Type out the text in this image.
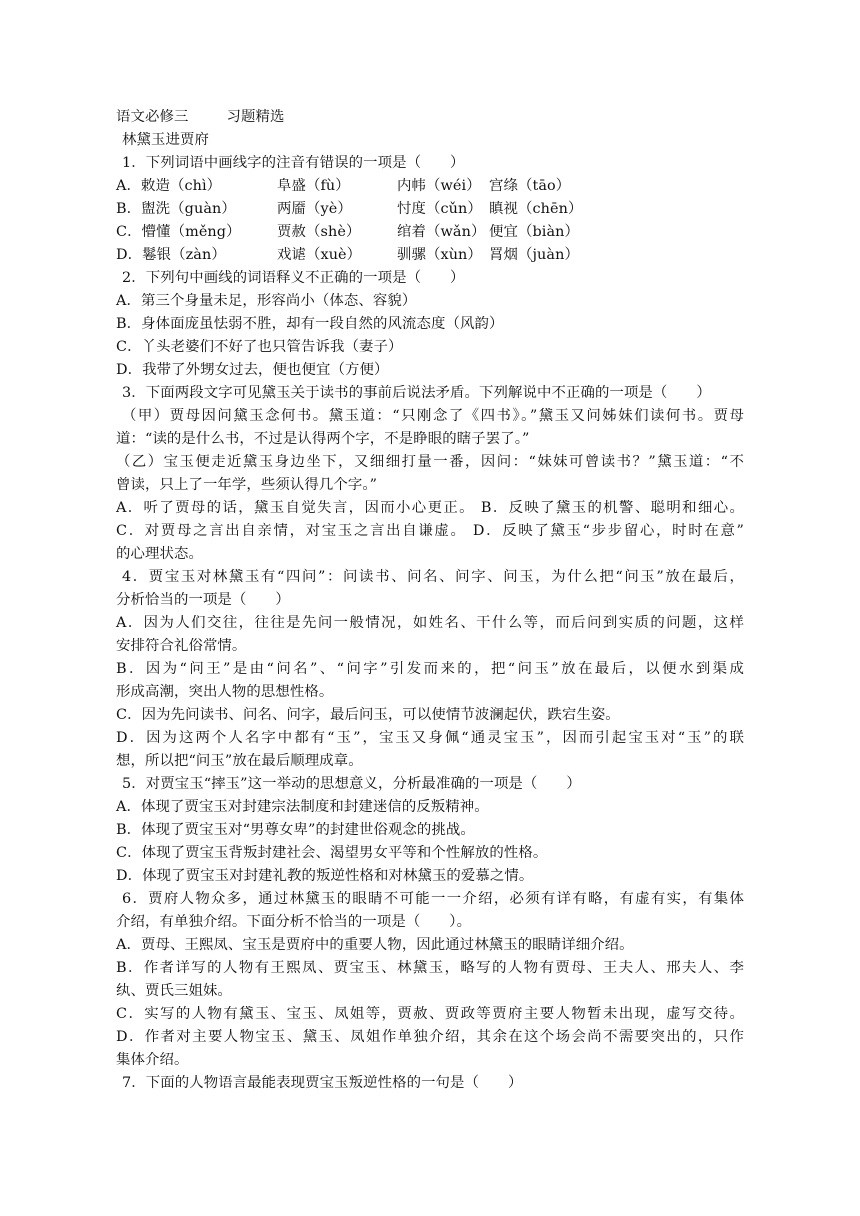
语文必修三	习题精选
林黛玉进贾府
1．下列词语中画线字的注音有错误的一项是（　　）
A．敕造（chì）	阜盛（fù）	内帏（wéi） 宫绦（tāo）
B．盥洗（guàn）	两靥（yè）	忖度（cǔn） 瞋视（chēn）
C．懵懂（měng）	贾赦（shè）	绾着（wǎn） 便宜（biàn）
D．鬈银（zàn）	戏谑（xuè）	驯骡（xùn） 罥烟（juàn）
2．下列句中画线的词语释义不正确的一项是（　　）
A．第三个身量未足，形容尚小（体态、容貌）
B．身体面庞虽怯弱不胜，却有一段自然的风流态度（风韵）
C．丫头老婆们不好了也只管告诉我（妻子）
D．我带了外甥女过去，便也便宜（方便）
3．下面两段文字可见黛玉关于读书的事前后说法矛盾。下列解说中不正确的一项是（　　）
（甲）贾母因问黛玉念何书。黛玉道：“只刚念了《四书》。”黛玉又问姊妹们读何书。贾母
道：“读的是什么书，不过是认得两个字，不是睁眼的瞎子罢了。”
（乙）宝玉便走近黛玉身边坐下，又细细打量一番，因问：“妹妹可曾读书？”黛玉道：“不
曾读，只上了一年学，些须认得几个字。”
A．听了贾母的话，黛玉自觉失言，因而小心更正。 B．反映了黛玉的机警、聪明和细心。
C．对贾母之言出自亲情，对宝玉之言出自谦虚。 D．反映了黛玉“步步留心，时时在意”
的心理状态。
4．贾宝玉对林黛玉有“四问”：问读书、问名、问字、问玉，为什么把“问玉”放在最后，
分析恰当的一项是（　　）
A．因为人们交往，往往是先问一般情况，如姓名、干什么等，而后问到实质的问题，这样
安排符合礼俗常情。
B．因为“问王”是由“问名”、“问字”引发而来的，把“问玉”放在最后，以便水到渠成
形成高潮，突出人物的思想性格。
C．因为先问读书、问名、问字，最后问玉，可以使情节波澜起伏，跌宕生姿。
D．因为这两个人名字中都有“玉”，宝玉又身佩“通灵宝玉”，因而引起宝玉对“玉”的联
想，所以把“问玉”放在最后顺理成章。
5．对贾宝玉“摔玉”这一举动的思想意义，分析最准确的一项是（　　）
A．体现了贾宝玉对封建宗法制度和封建迷信的反叛精神。
B．体现了贾宝玉对“男尊女卑”的封建世俗观念的挑战。
C．体现了贾宝玉背叛封建社会、渴望男女平等和个性解放的性格。
D．体现了贾宝玉对封建礼教的叛逆性格和对林黛玉的爱慕之情。
6．贾府人物众多，通过林黛玉的眼睛不可能一一介绍，必须有详有略，有虚有实，有集体
介绍，有单独介绍。下面分析不恰当的一项是（　　）。
A．贾母、王熙凤、宝玉是贾府中的重要人物，因此通过林黛玉的眼睛详细介绍。
B．作者详写的人物有王熙凤、贾宝玉、林黛玉，略写的人物有贾母、王夫人、邢夫人、李
纨、贾氏三姐妹。
C．实写的人物有黛玉、宝玉、凤姐等，贾赦、贾政等贾府主要人物暂未出现，虚写交待。
D．作者对主要人物宝玉、黛玉、凤姐作单独介绍，其余在这个场会尚不需要突出的，只作
集体介绍。
7．下面的人物语言最能表现贾宝玉叛逆性格的一句是（　　）
